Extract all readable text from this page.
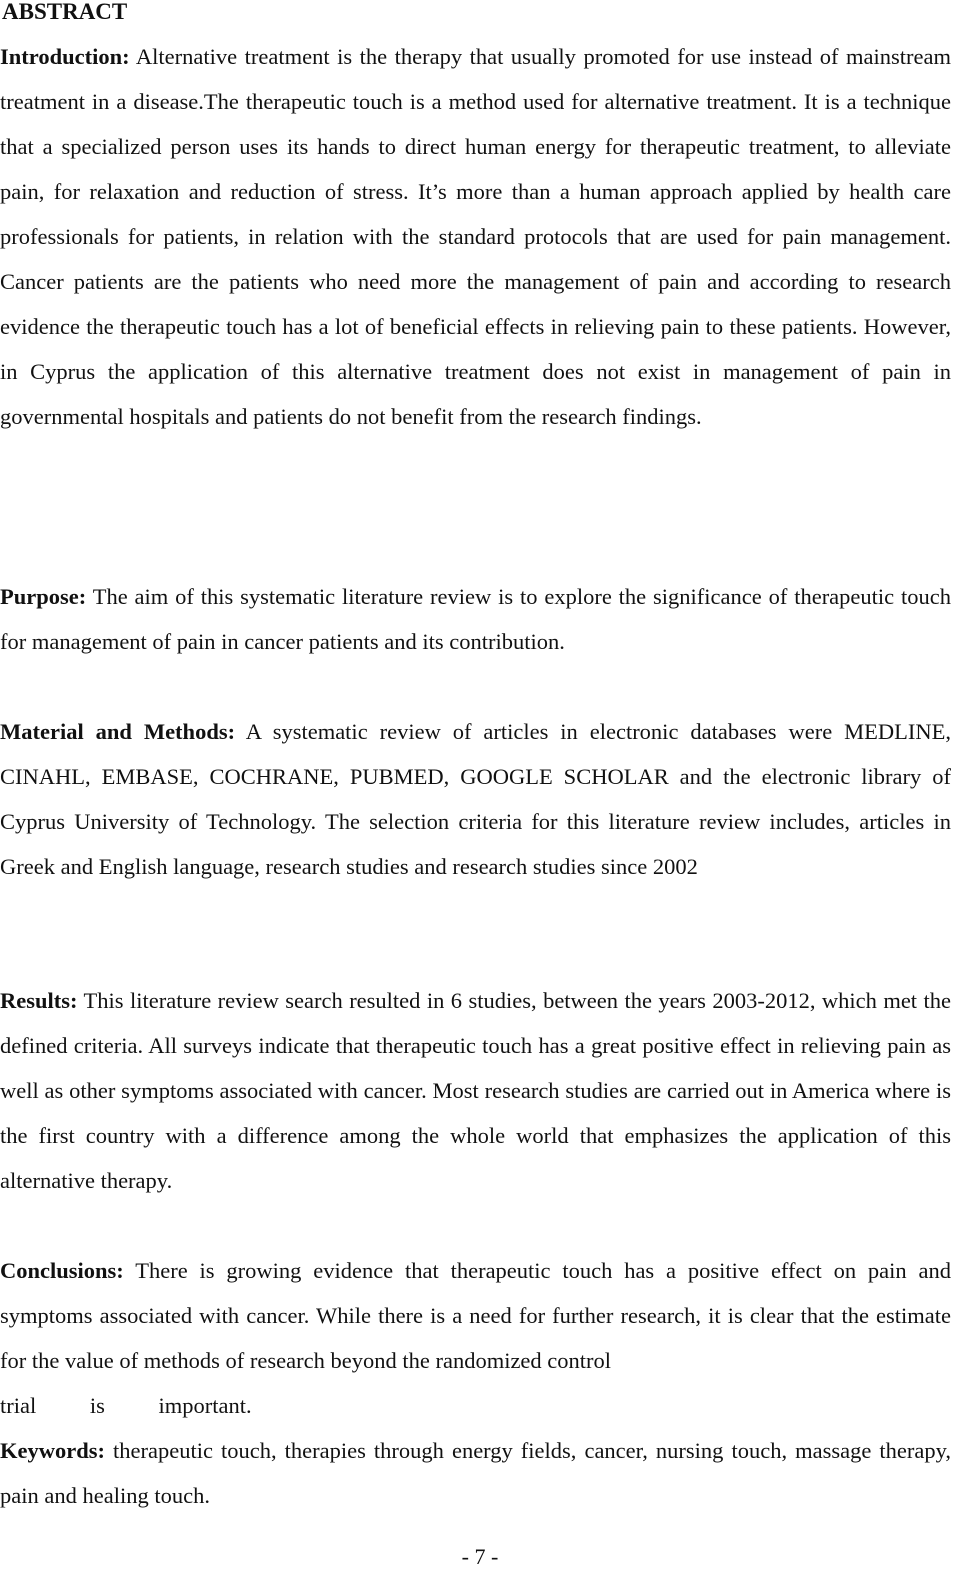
ABSTRACT

Introduction: Alternative treatment is the therapy that usually promoted for use instead of mainstream treatment in a disease.The therapeutic touch is a method used for alternative treatment. It is a technique that a specialized person uses its hands to direct human energy for therapeutic treatment, to alleviate pain, for relaxation and reduction of stress. It’s more than a human approach applied by health care professionals for patients, in relation with the standard protocols that are used for pain management. Cancer patients are the patients who need more the management of pain and according to research evidence the therapeutic touch has a lot of beneficial effects in relieving pain to these patients. However, in Cyprus the application of this alternative treatment does not exist in management of pain in governmental hospitals and patients do not benefit from the research findings.

Purpose: The aim of this systematic literature review is to explore the significance of therapeutic touch for management of pain in cancer patients and its contribution.

Material and Methods: A systematic review of articles in electronic databases were MEDLINE, CINAHL, EMBASE, COCHRANE, PUBMED, GOOGLE SCHOLAR and the electronic library of Cyprus University of Technology. The selection criteria for this literature review includes, articles in Greek and English language, research studies and research studies since 2002

Results: This literature review search resulted in 6 studies, between the years 2003-2012, which met the defined criteria. All surveys indicate that therapeutic touch has a great positive effect in relieving pain as well as other symptoms associated with cancer. Most research studies are carried out in America where is the first country with a difference among the whole world that emphasizes the application of this alternative therapy.

Conclusions: There is growing evidence that therapeutic touch has a positive effect on pain and symptoms associated with cancer. While there is a need for further research, it is clear that the estimate for the value of methods of research beyond the randomized control
trial is important.

Keywords: therapeutic touch, therapies through energy fields, cancer, nursing touch, massage therapy, pain and healing touch.

- 7 -
